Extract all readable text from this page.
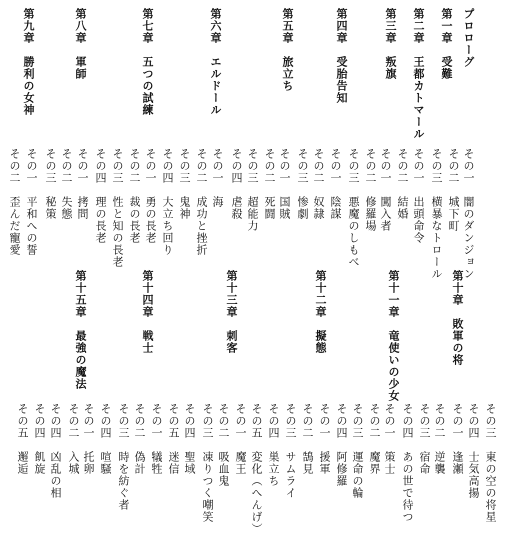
プロローグ
第一章　受難
第二章　王都カトマール
第三章　叛旗
第四章　受胎告知
第五章　旅立ち
第六章　エルドール
第七章　五つの試練
第八章　軍師
第九章　勝利の女神
その一　闇のダンジョン
その二　城下町
その三　横暴なトロール
その一　出頭命令
その二　結婚
その一　闖入者
その二　修羅場
その三　悪魔のしもべ
その一　陰謀
その二　奴隷
その三　惨劇
その一　国賊
その二　死闘
その三　超能力
その四　虐殺
その一　海
その二　成功と挫折
その三　鬼神
その四　大立ち回り
その一　勇の長老
その二　裁の長老
その三　性と知の長老
その四　理の長老
その一　拷問
その二　失態
その三　秘策
その一　平和への誓
その二　歪んだ寵愛
第十章　敗軍の将
第十一章　竜使いの少女
第十二章　擬態
第十三章　刺客
第十四章　戦士
第十五章　最強の魔法
その三　東の空の将星
その四　士気高揚
その一　逢瀬
その二　逆襲
その三　宿命
その四　あの世で待つ
その一　策士
その二　魔界
その三　運命の輪
その四　阿修羅
その一　援軍
その二　鵠見
その三　サムライ
その四　巣立ち
その五　変化（へんげ）
その一　魔王
その二　吸血鬼
その三　凍りつく嘲笑
その四　聖域
その五　迷信
その一　犠牲
その二　偽計
その三　時を紡ぐ者
その四　喧騒
その一　托卵
その二　入城
その四　凶乱の相
その四　飢旋
その五　邂逅
